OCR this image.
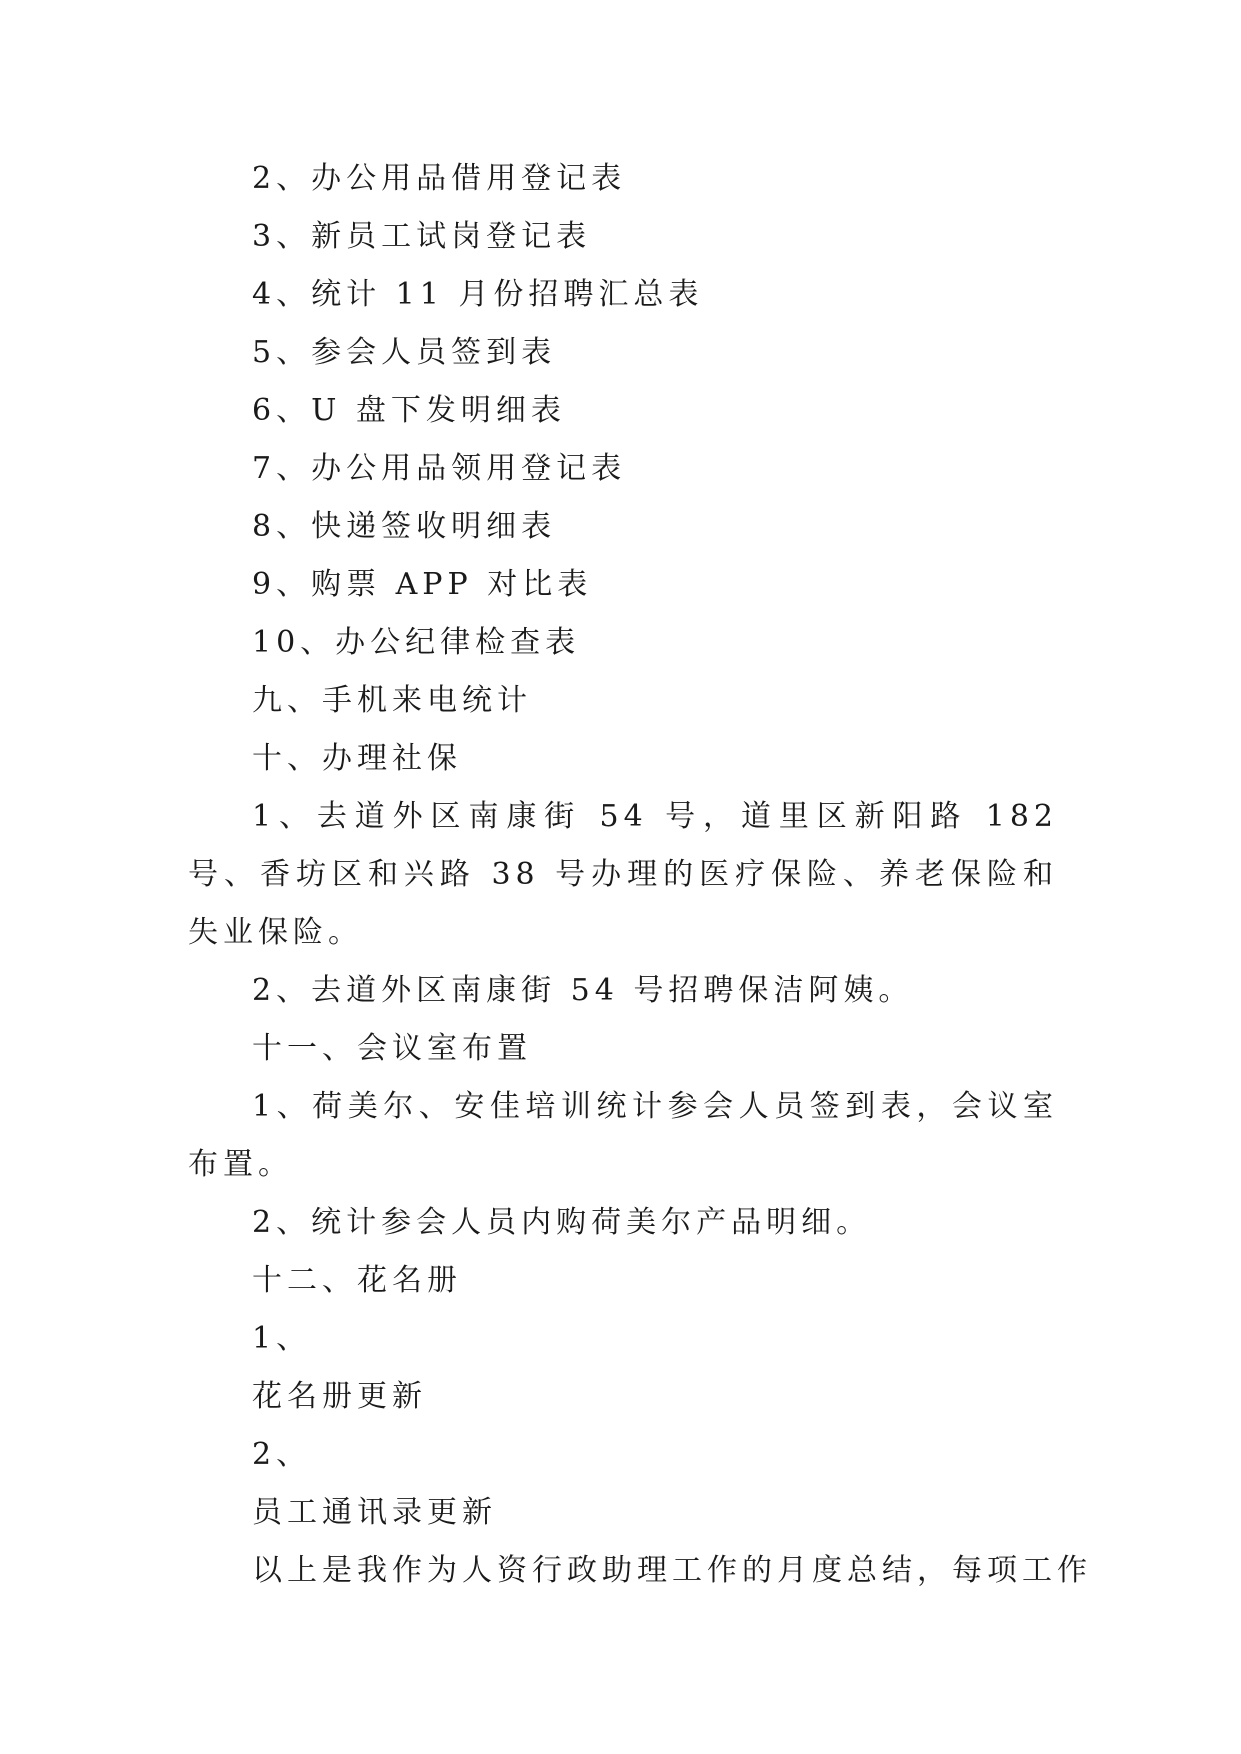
2、办公用品借用登记表

3、新员工试岗登记表

4、统计 11 月份招聘汇总表

5、参会人员签到表

6、U 盘下发明细表

7、办公用品领用登记表

8、快递签收明细表

9、购票 APP 对比表

10、办公纪律检查表

九、手机来电统计

十、办理社保

1、去道外区南康街 54 号，道里区新阳路 182 号、香坊区和兴路 38 号办理的医疗保险、养老保险和失业保险。

2、去道外区南康街 54 号招聘保洁阿姨。

十一、会议室布置

1、荷美尔、安佳培训统计参会人员签到表，会议室布置。

2、统计参会人员内购荷美尔产品明细。

十二、花名册

1、

花名册更新

2、

员工通讯录更新

以上是我作为人资行政助理工作的月度总结，每项工作
